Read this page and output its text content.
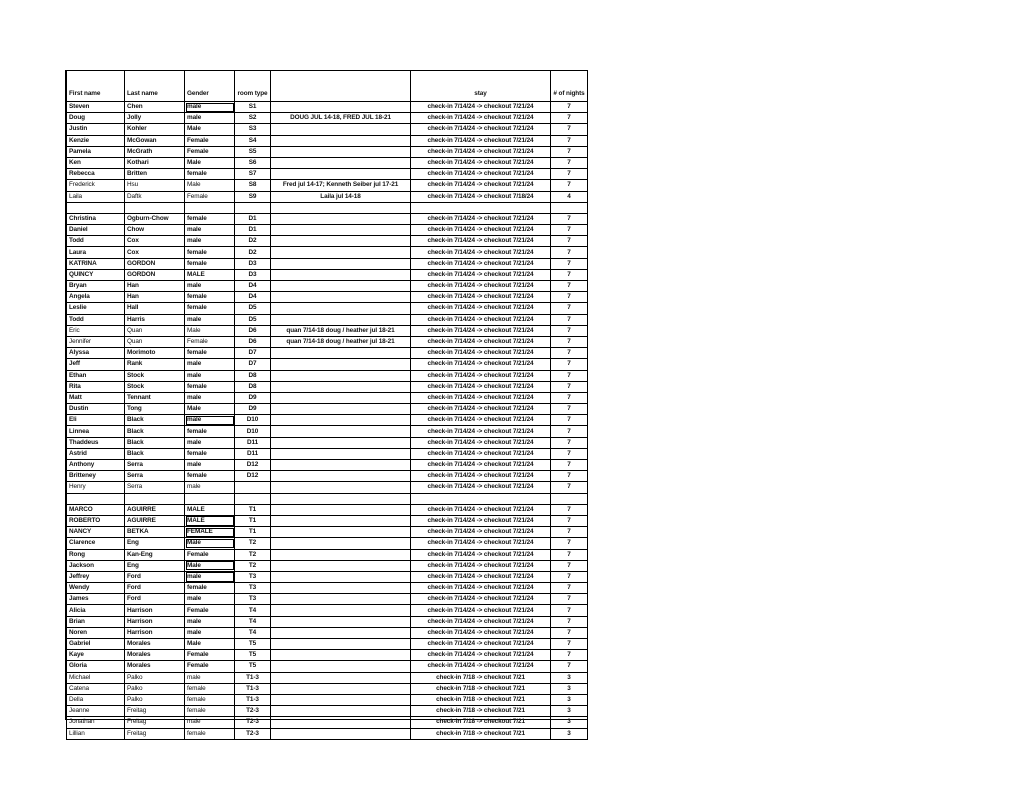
First name	Last name	Gender	room type		stay	# of nights
Steven	Chen	male	S1		check-in 7/14/24 -> checkout 7/21/24	7
Doug	Jolly	male	S2	DOUG JUL 14-18, FRED JUL 18-21	check-in 7/14/24 -> checkout 7/21/24	7
Justin	Kohler	Male	S3		check-in 7/14/24 -> checkout 7/21/24	7
Kenzie	McGowan	Female	S4		check-in 7/14/24 -> checkout 7/21/24	7
Pamela	McGrath	Female	S5		check-in 7/14/24 -> checkout 7/21/24	7
Ken	Kothari	Male	S6		check-in 7/14/24 -> checkout 7/21/24	7
Rebecca	Britten	female	S7		check-in 7/14/24 -> checkout 7/21/24	7
Frederick	Hsu	Male	S8	Fred jul 14-17; Kenneth Seiber jul 17-21	check-in 7/14/24 -> checkout 7/21/24	7
Laila	Daftk	Female	S9	Laila jul 14-18	check-in 7/14/24 -> checkout 7/18/24	4

Christina	Ogburn-Chow	female	D1		check-in 7/14/24 -> checkout 7/21/24	7
Daniel	Chow	male	D1		check-in 7/14/24 -> checkout 7/21/24	7
Todd	Cox	male	D2		check-in 7/14/24 -> checkout 7/21/24	7
Laura	Cox	female	D2		check-in 7/14/24 -> checkout 7/21/24	7
KATRINA	GORDON	female	D3		check-in 7/14/24 -> checkout 7/21/24	7
QUINCY	GORDON	MALE	D3		check-in 7/14/24 -> checkout 7/21/24	7
Bryan	Han	male	D4		check-in 7/14/24 -> checkout 7/21/24	7
Angela	Han	female	D4		check-in 7/14/24 -> checkout 7/21/24	7
Leslie	Hall	female	D5		check-in 7/14/24 -> checkout 7/21/24	7
Todd	Harris	male	D5		check-in 7/14/24 -> checkout 7/21/24	7
Eric	Quan	Male	D6	quan 7/14-18 doug / heather jul 18-21	check-in 7/14/24 -> checkout 7/21/24	7
Jennifer	Quan	Female	D6	quan 7/14-18 doug / heather jul 18-21	check-in 7/14/24 -> checkout 7/21/24	7
Alyssa	Morimoto	female	D7		check-in 7/14/24 -> checkout 7/21/24	7
Jeff	Rank	male	D7		check-in 7/14/24 -> checkout 7/21/24	7
Ethan	Stock	male	D8		check-in 7/14/24 -> checkout 7/21/24	7
Rita	Stock	female	D8		check-in 7/14/24 -> checkout 7/21/24	7
Matt	Tennant	male	D9		check-in 7/14/24 -> checkout 7/21/24	7
Dustin	Tong	Male	D9		check-in 7/14/24 -> checkout 7/21/24	7
Eli	Black	male	D10		check-in 7/14/24 -> checkout 7/21/24	7
Linnea	Black	female	D10		check-in 7/14/24 -> checkout 7/21/24	7
Thaddeus	Black	male	D11		check-in 7/14/24 -> checkout 7/21/24	7
Astrid	Black	female	D11		check-in 7/14/24 -> checkout 7/21/24	7
Anthony	Serra	male	D12		check-in 7/14/24 -> checkout 7/21/24	7
Britteney	Serra	female	D12		check-in 7/14/24 -> checkout 7/21/24	7
Henry	Serra	male			check-in 7/14/24 -> checkout 7/21/24	7

MARCO	AGUIRRE	MALE	T1		check-in 7/14/24 -> checkout 7/21/24	7
ROBERTO	AGUIRRE	MALE	T1		check-in 7/14/24 -> checkout 7/21/24	7
NANCY	BETKA	FEMALE	T1		check-in 7/14/24 -> checkout 7/21/24	7
Clarence	Eng	Male	T2		check-in 7/14/24 -> checkout 7/21/24	7
Rong	Kan-Eng	Female	T2		check-in 7/14/24 -> checkout 7/21/24	7
Jackson	Eng	Male	T2		check-in 7/14/24 -> checkout 7/21/24	7
Jeffrey	Ford	male	T3		check-in 7/14/24 -> checkout 7/21/24	7
Wendy	Ford	female	T3		check-in 7/14/24 -> checkout 7/21/24	7
James	Ford	male	T3		check-in 7/14/24 -> checkout 7/21/24	7
Alicia	Harrison	Female	T4		check-in 7/14/24 -> checkout 7/21/24	7
Brian	Harrison	male	T4		check-in 7/14/24 -> checkout 7/21/24	7
Noren	Harrison	male	T4		check-in 7/14/24 -> checkout 7/21/24	7
Gabriel	Morales	Male	T5		check-in 7/14/24 -> checkout 7/21/24	7
Kaye	Morales	Female	T5		check-in 7/14/24 -> checkout 7/21/24	7
Gloria	Morales	Female	T5		check-in 7/14/24 -> checkout 7/21/24	7
Michael	Palko	male	T1-3		check-in 7/18 -> checkout 7/21	3
Catena	Palko	female	T1-3		check-in 7/18 -> checkout 7/21	3
Della	Palko	female	T1-3		check-in 7/18 -> checkout 7/21	3
Jeanne	Freitag	female	T2-3		check-in 7/18 -> checkout 7/21	3
Jonathan	Freitag	male	T2-3		check-in 7/18 -> checkout 7/21	3
Lillian	Freitag	female	T2-3		check-in 7/18 -> checkout 7/21	3
